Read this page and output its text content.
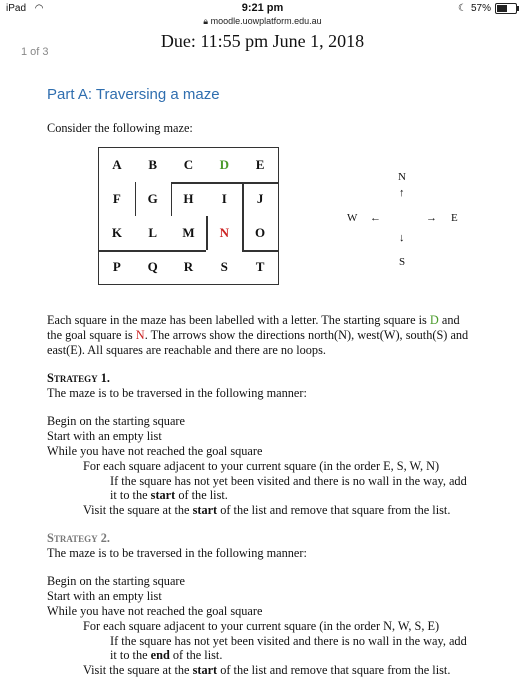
iPad ◠	9:21 pm
🔒︎ moodle.uowplatform.edu.au
☾ 57%
1 of 3
Due: 11:55 pm June 1, 2018
Part A: Traversing a maze
Consider the following maze:
T
S
R
Q
P
O
N
M
L
K
J
I
H
G
F
E
D
C
B
A
N
↑
W ←	→ E
↓
S
Each square in the maze has been labelled with a letter. The starting square is D and
the goal square is N. The arrows show the directions north(N), west(W), south(S) and
east(E). All squares are reachable and there are no loops.
Strategy 1.
The maze is to be traversed in the following manner:
Begin on the starting square
Start with an empty list
While you have not reached the goal square
For each square adjacent to your current square (in the order E, S, W, N)
If the square has not yet been visited and there is no wall in the way, add
it to the start of the list.
Visit the square at the start of the list and remove that square from the list.
Strategy 2.
The maze is to be traversed in the following manner:
Begin on the starting square
Start with an empty list
While you have not reached the goal square
For each square adjacent to your current square (in the order N, W, S, E)
If the square has not yet been visited and there is no wall in the way, add
it to the end of the list.
Visit the square at the start of the list and remove that square from the list.
